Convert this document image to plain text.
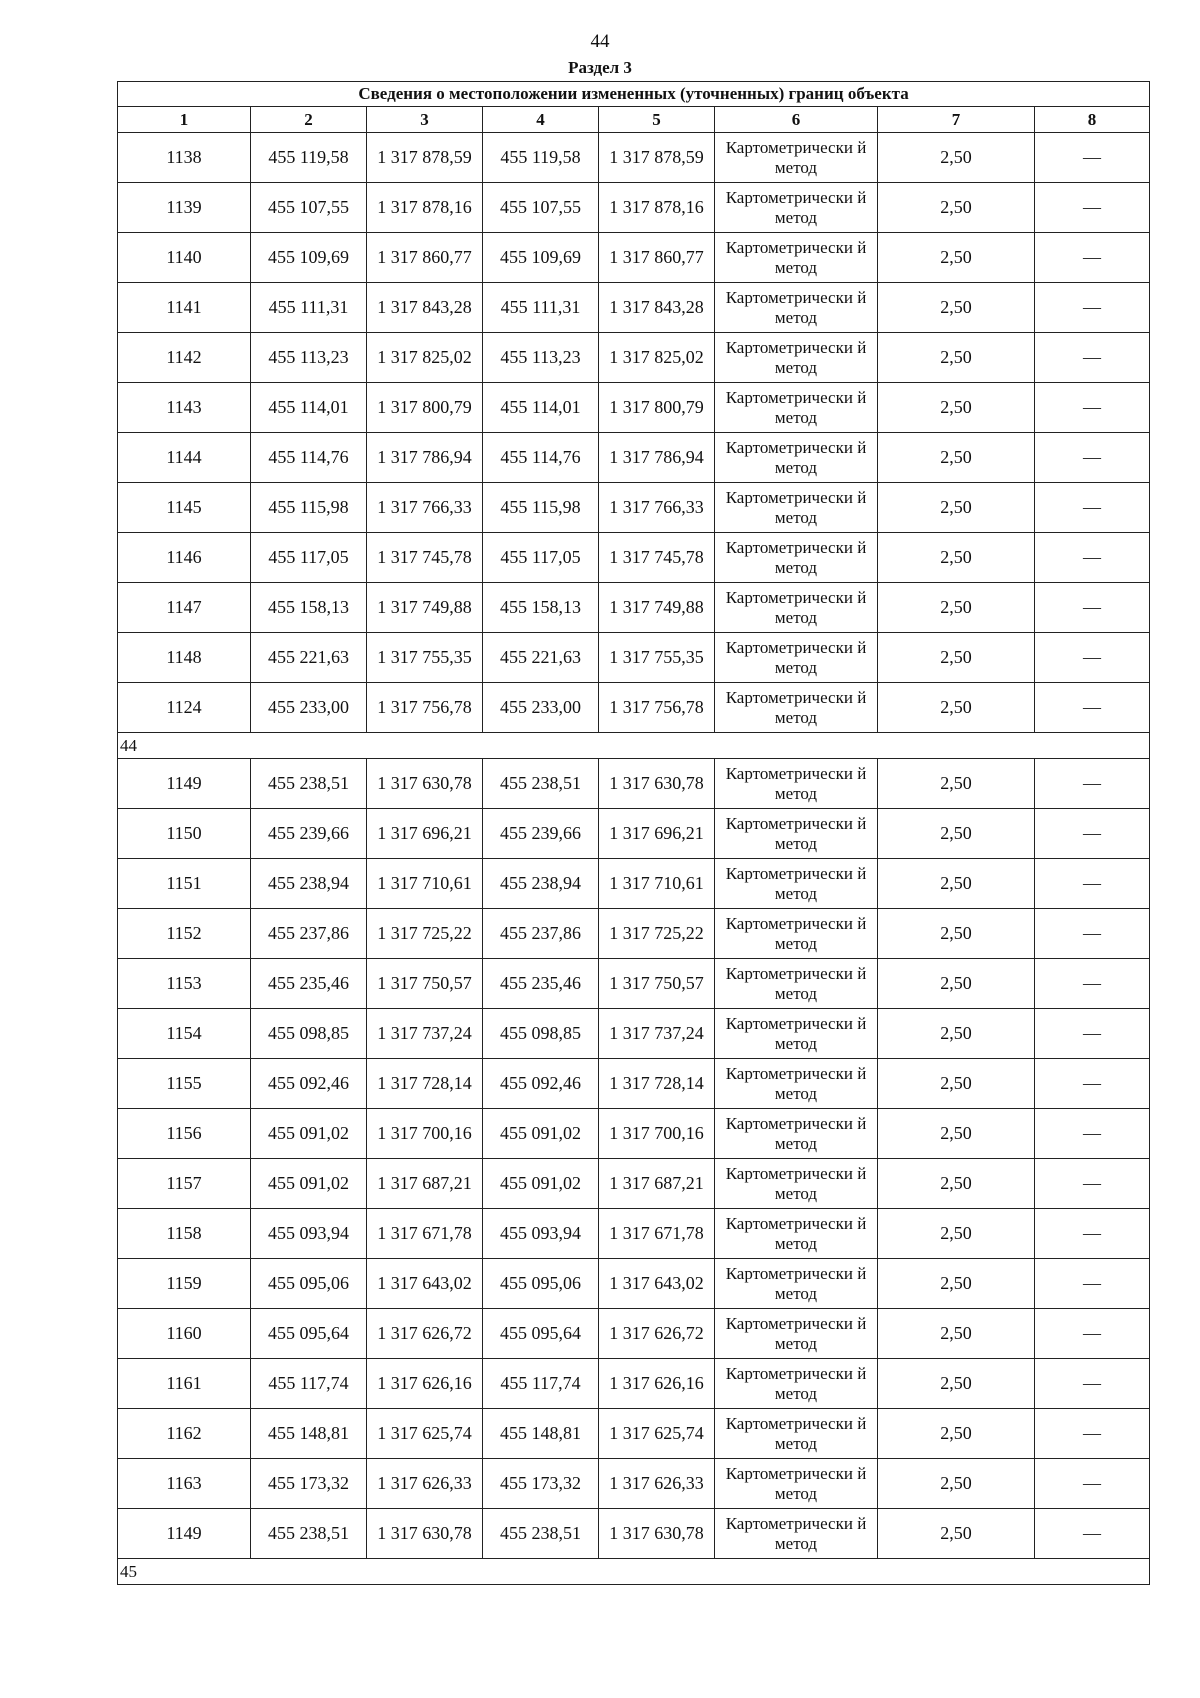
44
Раздел 3
Сведения о местоположении измененных (уточненных) границ объекта							
1	2	3	4	5	6	7	8
1138	455 119,58	1 317 878,59	455 119,58	1 317 878,59	Картометрически й метод	2,50	—
1139	455 107,55	1 317 878,16	455 107,55	1 317 878,16	Картометрически й метод	2,50	—
1140	455 109,69	1 317 860,77	455 109,69	1 317 860,77	Картометрически й метод	2,50	—
1141	455 111,31	1 317 843,28	455 111,31	1 317 843,28	Картометрически й метод	2,50	—
1142	455 113,23	1 317 825,02	455 113,23	1 317 825,02	Картометрически й метод	2,50	—
1143	455 114,01	1 317 800,79	455 114,01	1 317 800,79	Картометрически й метод	2,50	—
1144	455 114,76	1 317 786,94	455 114,76	1 317 786,94	Картометрически й метод	2,50	—
1145	455 115,98	1 317 766,33	455 115,98	1 317 766,33	Картометрически й метод	2,50	—
1146	455 117,05	1 317 745,78	455 117,05	1 317 745,78	Картометрически й метод	2,50	—
1147	455 158,13	1 317 749,88	455 158,13	1 317 749,88	Картометрически й метод	2,50	—
1148	455 221,63	1 317 755,35	455 221,63	1 317 755,35	Картометрически й метод	2,50	—
1124	455 233,00	1 317 756,78	455 233,00	1 317 756,78	Картометрически й метод	2,50	—
44							
1149	455 238,51	1 317 630,78	455 238,51	1 317 630,78	Картометрически й метод	2,50	—
1150	455 239,66	1 317 696,21	455 239,66	1 317 696,21	Картометрически й метод	2,50	—
1151	455 238,94	1 317 710,61	455 238,94	1 317 710,61	Картометрически й метод	2,50	—
1152	455 237,86	1 317 725,22	455 237,86	1 317 725,22	Картометрически й метод	2,50	—
1153	455 235,46	1 317 750,57	455 235,46	1 317 750,57	Картометрически й метод	2,50	—
1154	455 098,85	1 317 737,24	455 098,85	1 317 737,24	Картометрически й метод	2,50	—
1155	455 092,46	1 317 728,14	455 092,46	1 317 728,14	Картометрически й метод	2,50	—
1156	455 091,02	1 317 700,16	455 091,02	1 317 700,16	Картометрически й метод	2,50	—
1157	455 091,02	1 317 687,21	455 091,02	1 317 687,21	Картометрически й метод	2,50	—
1158	455 093,94	1 317 671,78	455 093,94	1 317 671,78	Картометрически й метод	2,50	—
1159	455 095,06	1 317 643,02	455 095,06	1 317 643,02	Картометрически й метод	2,50	—
1160	455 095,64	1 317 626,72	455 095,64	1 317 626,72	Картометрически й метод	2,50	—
1161	455 117,74	1 317 626,16	455 117,74	1 317 626,16	Картометрически й метод	2,50	—
1162	455 148,81	1 317 625,74	455 148,81	1 317 625,74	Картометрически й метод	2,50	—
1163	455 173,32	1 317 626,33	455 173,32	1 317 626,33	Картометрически й метод	2,50	—
1149	455 238,51	1 317 630,78	455 238,51	1 317 630,78	Картометрически й метод	2,50	—
45							
